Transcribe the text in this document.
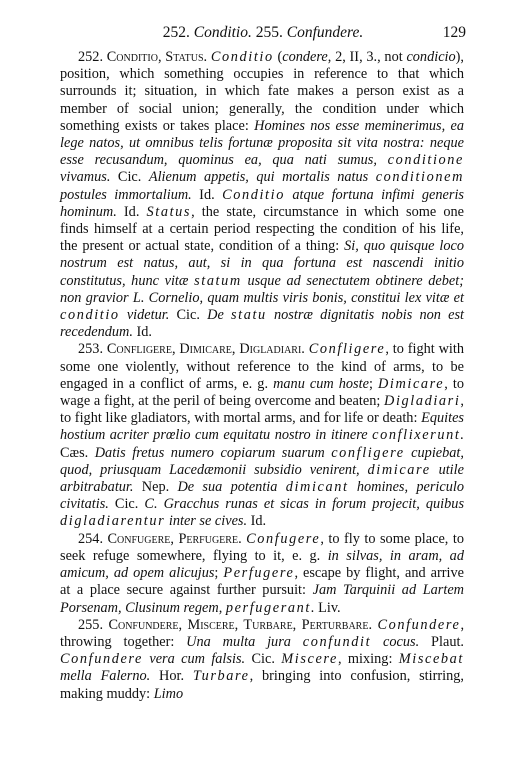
252. Conditio. 255. Confundere.	129

252. Conditio, Status. Conditio (condere, 2, II, 3., not condicio), position, which something occupies in reference to that which surrounds it; situation, in which fate makes a person exist as a member of social union; generally, the condition under which something exists or takes place: Homines nos esse meminerimus, ea lege natos, ut omnibus telis fortunæ proposita sit vita nostra: neque esse recusandum, quominus ea, qua nati sumus, conditione vivamus. Cic. Alienum appetis, qui mortalis natus conditionem postules immortalium. Id. Conditio atque fortuna infimi generis hominum. Id. Status, the state, circumstance in which some one finds himself at a certain period respecting the condition of his life, the present or actual state, condition of a thing: Si, quo quisque loco nostrum est natus, aut, si in qua fortuna est nascendi initio constitutus, hunc vitæ statum usque ad senectutem obtinere debet; non gravior L. Cornelio, quam multis viris bonis, constitui lex vitæ et conditio videtur. Cic. De statu nostræ dignitatis nobis non est recedendum. Id.

253. Confligere, Dimicare, Digladiari. Confligere, to fight with some one violently, without reference to the kind of arms, to be engaged in a conflict of arms, e. g. manu cum hoste; Dimicare, to wage a fight, at the peril of being overcome and beaten; Digladiari, to fight like gladiators, with mortal arms, and for life or death: Equites hostium acriter prœlio cum equitatu nostro in itinere conflixerunt. Cæs. Datis fretus numero copiarum suarum confligere cupiebat, quod, priusquam Lacedæmonii subsidio venirent, dimicare utile arbitrabatur. Nep. De sua potentia dimicant homines, periculo civitatis. Cic. C. Gracchus runas et sicas in forum projecit, quibus digladiarentur inter se cives. Id.

254. Confugere, Perfugere. Confugere, to fly to some place, to seek refuge somewhere, flying to it, e. g. in silvas, in aram, ad amicum, ad opem alicujus; Perfugere, escape by flight, and arrive at a place secure against further pursuit: Jam Tarquinii ad Lartem Porsenam, Clusinum regem, perfugerant. Liv.

255. Confundere, Miscere, Turbare, Perturbare. Confundere, throwing together: Una multa jura confundit cocus. Plaut. Confundere vera cum falsis. Cic. Miscere, mixing: Miscebat mella Falerno. Hor. Turbare, bringing into confusion, stirring, making muddy: Limo
